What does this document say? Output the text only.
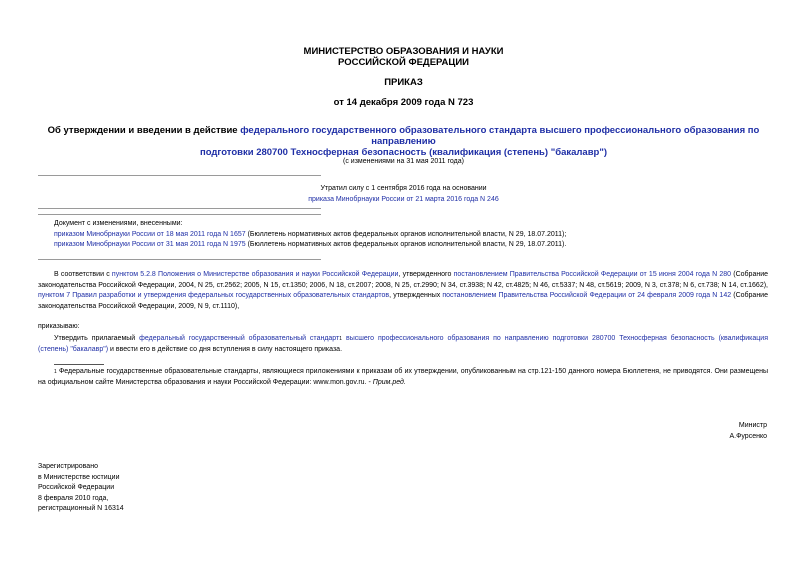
МИНИСТЕРСТВО ОБРАЗОВАНИЯ И НАУКИ
РОССИЙСКОЙ ФЕДЕРАЦИИ
ПРИКАЗ
от 14 декабря 2009 года N 723
Об утверждении и введении в действие федерального государственного образовательного стандарта высшего профессионального образования по направлению
подготовки 280700 Техносферная безопасность (квалификация (степень) "бакалавр")
(с изменениями на 31 мая 2011 года)
Утратил силу с 1 сентября 2016 года на основании
приказа Минобрнауки России от 21 марта 2016 года N 246
Документ с изменениями, внесенными:
приказом Минобрнауки России от 18 мая 2011 года N 1657 (Бюллетень нормативных актов федеральных органов исполнительной власти, N 29, 18.07.2011);
приказом Минобрнауки России от 31 мая 2011 года N 1975 (Бюллетень нормативных актов федеральных органов исполнительной власти, N 29, 18.07.2011).
В соответствии с пунктом 5.2.8 Положения о Министерстве образования и науки Российской Федерации, утвержденного постановлением Правительства Российской Федерации от 15 июня 2004 года N 280 (Собрание законодательства Российской Федерации, 2004, N 25, ст.2562; 2005, N 15, ст.1350; 2006, N 18, ст.2007; 2008, N 25, ст.2990; N 34, ст.3938; N 42, ст.4825; N 46, ст.5337; N 48, ст.5619; 2009, N 3, ст.378; N 6, ст.738; N 14, ст.1662), пунктом 7 Правил разработки и утверждения федеральных государственных образовательных стандартов, утвержденных постановлением Правительства Российской Федерации от 24 февраля 2009 года N 142 (Собрание законодательства Российской Федерации, 2009, N 9, ст.1110),
приказываю:
Утвердить прилагаемый федеральный государственный образовательный стандарт$^1$ высшего профессионального образования по направлению подготовки 280700 Техносферная безопасность (квалификация (степень) "бакалавр") и ввести его в действие со дня вступления в силу настоящего приказа.
$^1$ Федеральные государственные образовательные стандарты, являющиеся приложениями к приказам об их утверждении, опубликованным на стр.121-150 данного номера Бюллетеня, не приводятся. Они размещены на официальном сайте Министерства образования и науки Российской Федерации: www.mon.gov.ru. - Прим.ред.
Министр
А.Фурсенко
Зарегистрировано
в Министерстве юстиции
Российской Федерации
8 февраля 2010 года,
регистрационный N 16314
